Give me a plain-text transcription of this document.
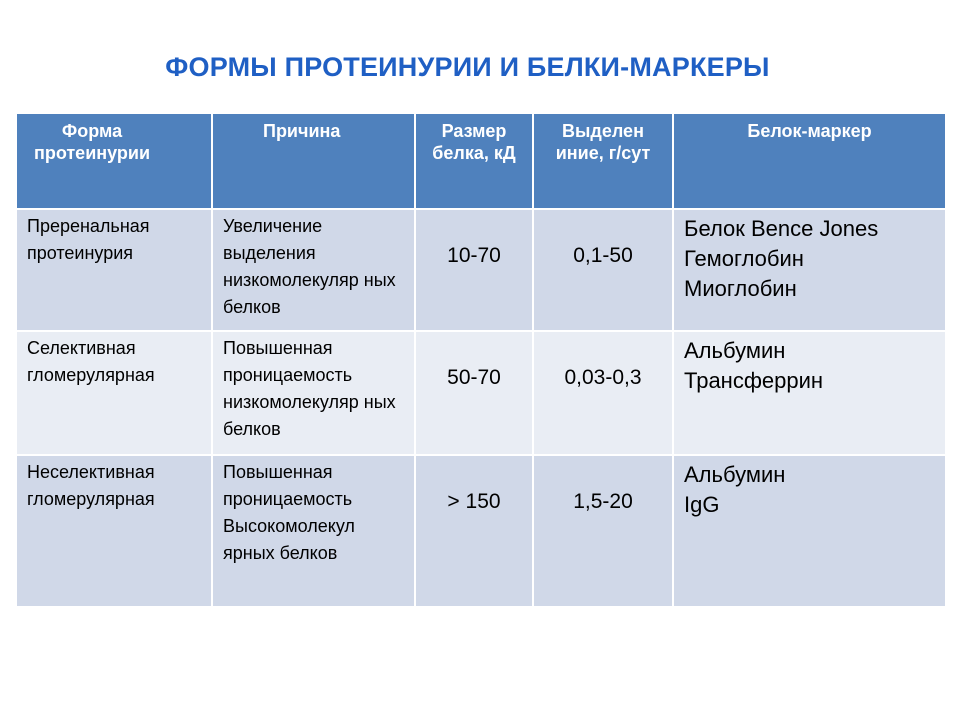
ФОРМЫ ПРОТЕИНУРИИ И БЕЛКИ-МАРКЕРЫ
Форма протеинурии	Причина	Размер белка, кД	Выделен иние, г/сут	Белок-маркер

Преренальная протеинурия	Увеличение выделения низкомолекуляр ных белков	10-70	0,1-50	Белок Bence Jones
Гемоглобин
Миоглобин

Селективная гломерулярная	Повышенная проницаемость низкомолекуляр ных белков	50-70	0,03-0,3	Альбумин
Трансферрин

Неселективная гломерулярная	Повышенная проницаемость Высокомолекул ярных белков	> 150	1,5-20	Альбумин
IgG
